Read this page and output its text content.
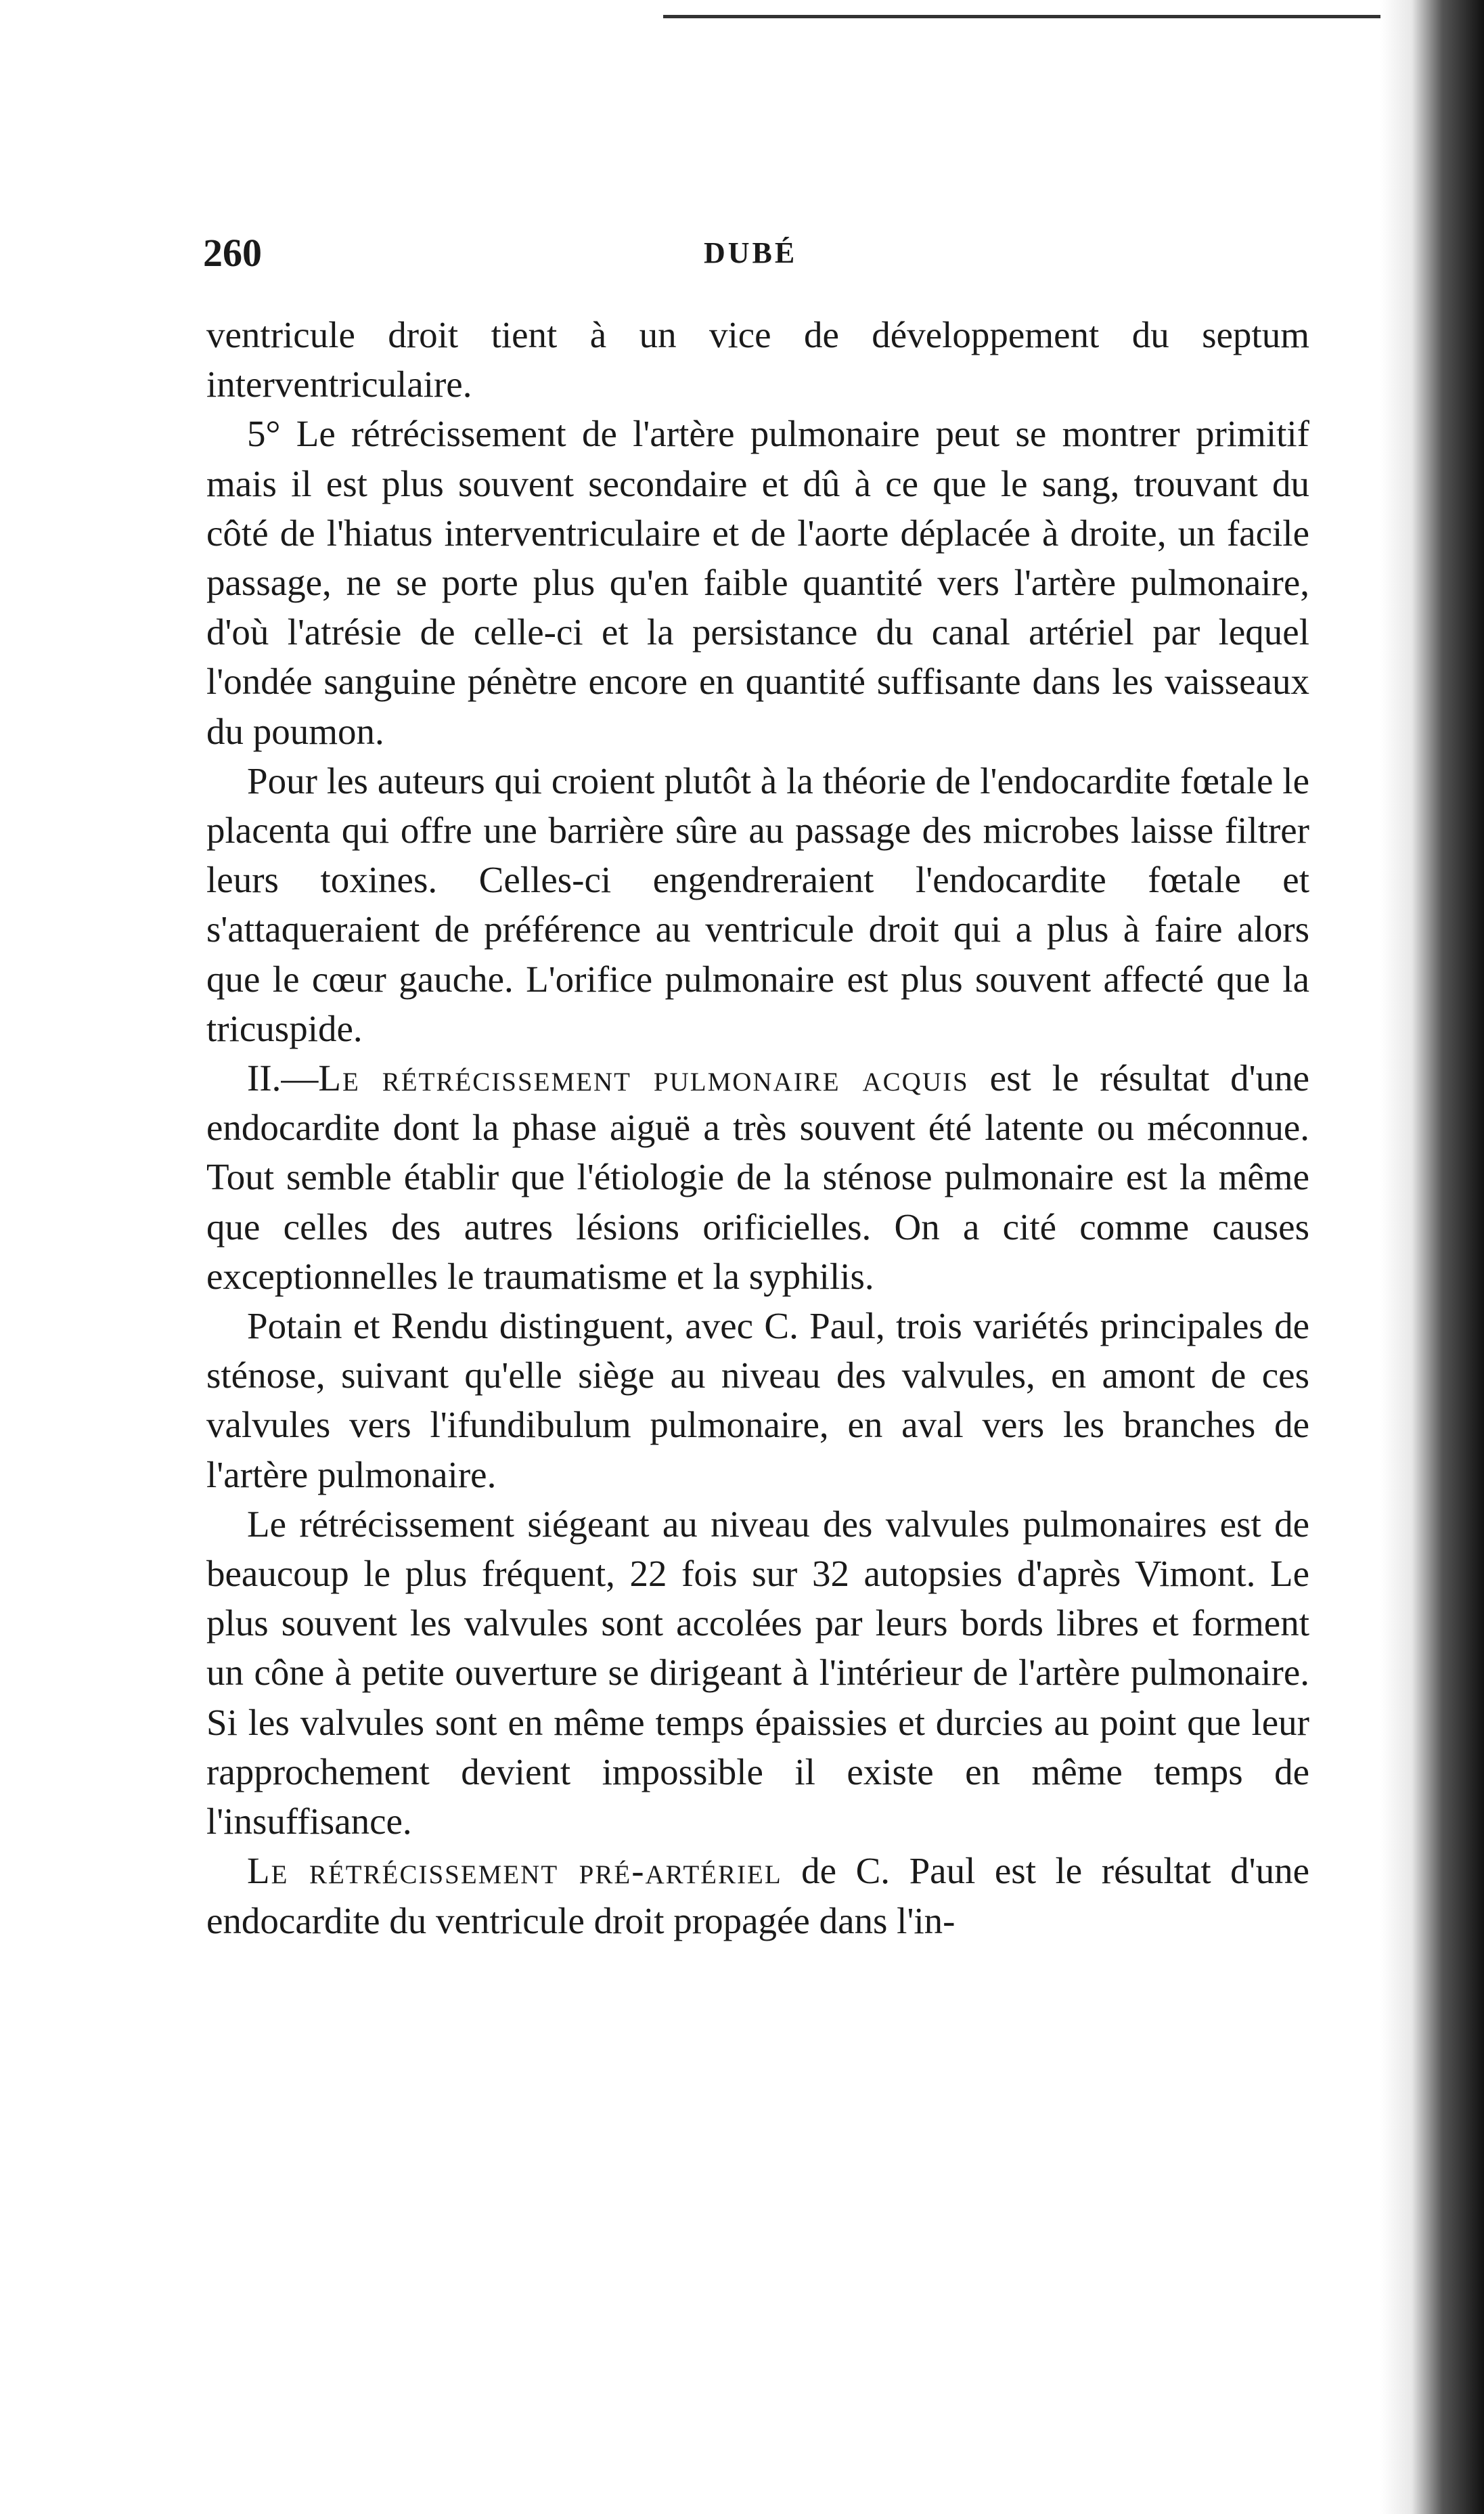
260	DUBÉ

ventricule droit tient à un vice de développement du septum interventriculaire.

5° Le rétrécissement de l'artère pulmonaire peut se montrer primitif mais il est plus souvent secondaire et dû à ce que le sang, trouvant du côté de l'hiatus interventriculaire et de l'aorte déplacée à droite, un facile passage, ne se porte plus qu'en faible quantité vers l'artère pulmonaire, d'où l'atrésie de celle-ci et la persistance du canal artériel par lequel l'ondée sanguine pénètre encore en quantité suffisante dans les vaisseaux du poumon.

Pour les auteurs qui croient plutôt à la théorie de l'endocardite fœtale le placenta qui offre une barrière sûre au passage des microbes laisse filtrer leurs toxines. Celles-ci engendreraient l'endocardite fœtale et s'attaqueraient de préférence au ventricule droit qui a plus à faire alors que le cœur gauche. L'orifice pulmonaire est plus souvent affecté que la tricuspide.

II.—Le rétrécissement pulmonaire acquis est le résultat d'une endocardite dont la phase aiguë a très souvent été latente ou méconnue. Tout semble établir que l'étiologie de la sténose pulmonaire est la même que celles des autres lésions orificielles. On a cité comme causes exceptionnelles le traumatisme et la syphilis.

Potain et Rendu distinguent, avec C. Paul, trois variétés principales de sténose, suivant qu'elle siège au niveau des valvules, en amont de ces valvules vers l'ifundibulum pulmonaire, en aval vers les branches de l'artère pulmonaire.

Le rétrécissement siégeant au niveau des valvules pulmonaires est de beaucoup le plus fréquent, 22 fois sur 32 autopsies d'après Vimont. Le plus souvent les valvules sont accolées par leurs bords libres et forment un cône à petite ouverture se dirigeant à l'intérieur de l'artère pulmonaire. Si les valvules sont en même temps épaissies et durcies au point que leur rapprochement devient impossible il existe en même temps de l'insuffisance.

Le rétrécissement pré-artériel de C. Paul est le résultat d'une endocardite du ventricule droit propagée dans l'in-
